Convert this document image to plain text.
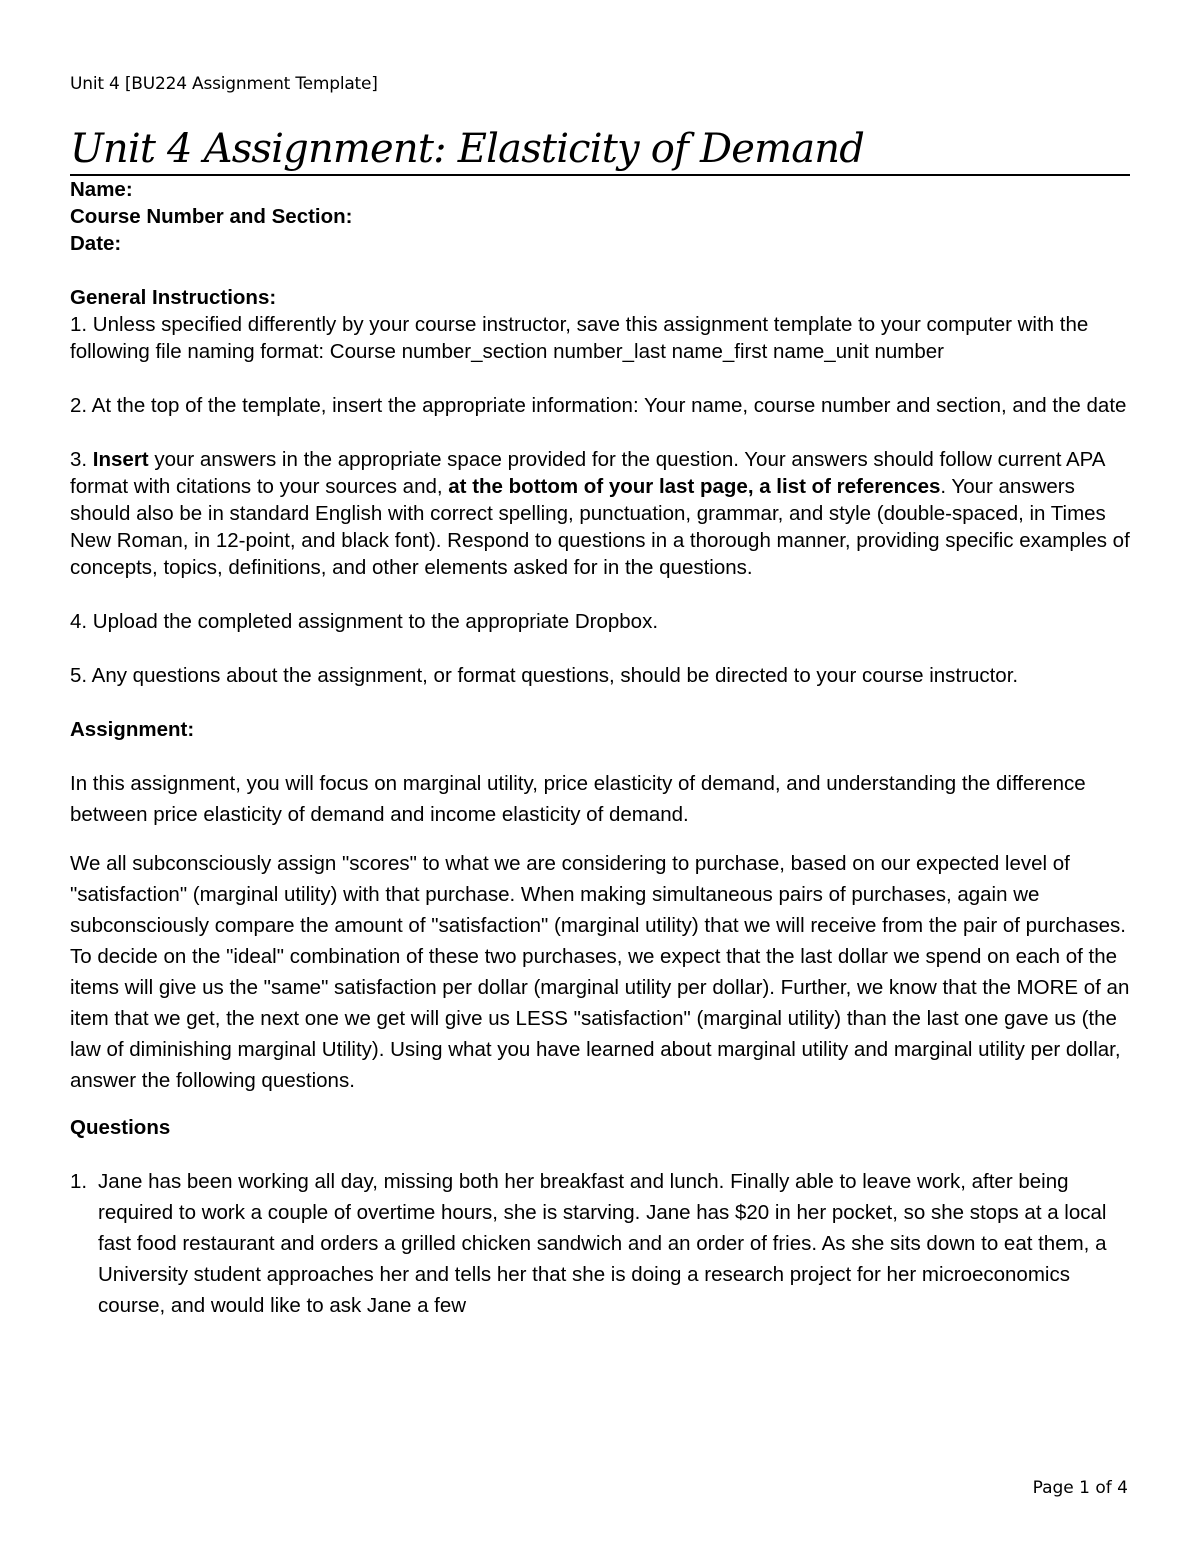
Unit 4 [BU224 Assignment Template]
Unit 4 Assignment: Elasticity of Demand

Name:

Course Number and Section:

Date:

General Instructions:

1. Unless specified differently by your course instructor, save this assignment template to your computer with the following file naming format: Course number_section number_last name_first name_unit number

2. At the top of the template, insert the appropriate information: Your name, course number and section, and the date

3. Insert your answers in the appropriate space provided for the question. Your answers should follow current APA format with citations to your sources and, at the bottom of your last page, a list of references. Your answers should also be in standard English with correct spelling, punctuation, grammar, and style (double-spaced, in Times New Roman, in 12-point, and black font). Respond to questions in a thorough manner, providing specific examples of concepts, topics, definitions, and other elements asked for in the questions.

4. Upload the completed assignment to the appropriate Dropbox.

5. Any questions about the assignment, or format questions, should be directed to your course instructor.

Assignment:

In this assignment, you will focus on marginal utility, price elasticity of demand, and understanding the difference between price elasticity of demand and income elasticity of demand.

We all subconsciously assign "scores" to what we are considering to purchase, based on our expected level of "satisfaction" (marginal utility) with that purchase. When making simultaneous pairs of purchases, again we subconsciously compare the amount of "satisfaction" (marginal utility) that we will receive from the pair of purchases. To decide on the "ideal" combination of these two purchases, we expect that the last dollar we spend on each of the items will give us the "same" satisfaction per dollar (marginal utility per dollar). Further, we know that the MORE of an item that we get, the next one we get will give us LESS "satisfaction" (marginal utility) than the last one gave us (the law of diminishing marginal Utility). Using what you have learned about marginal utility and marginal utility per dollar, answer the following questions.

Questions

1. Jane has been working all day, missing both her breakfast and lunch. Finally able to leave work, after being required to work a couple of overtime hours, she is starving. Jane has $20 in her pocket, so she stops at a local fast food restaurant and orders a grilled chicken sandwich and an order of fries. As she sits down to eat them, a University student approaches her and tells her that she is doing a research project for her microeconomics course, and would like to ask Jane a few
Page 1 of 4
